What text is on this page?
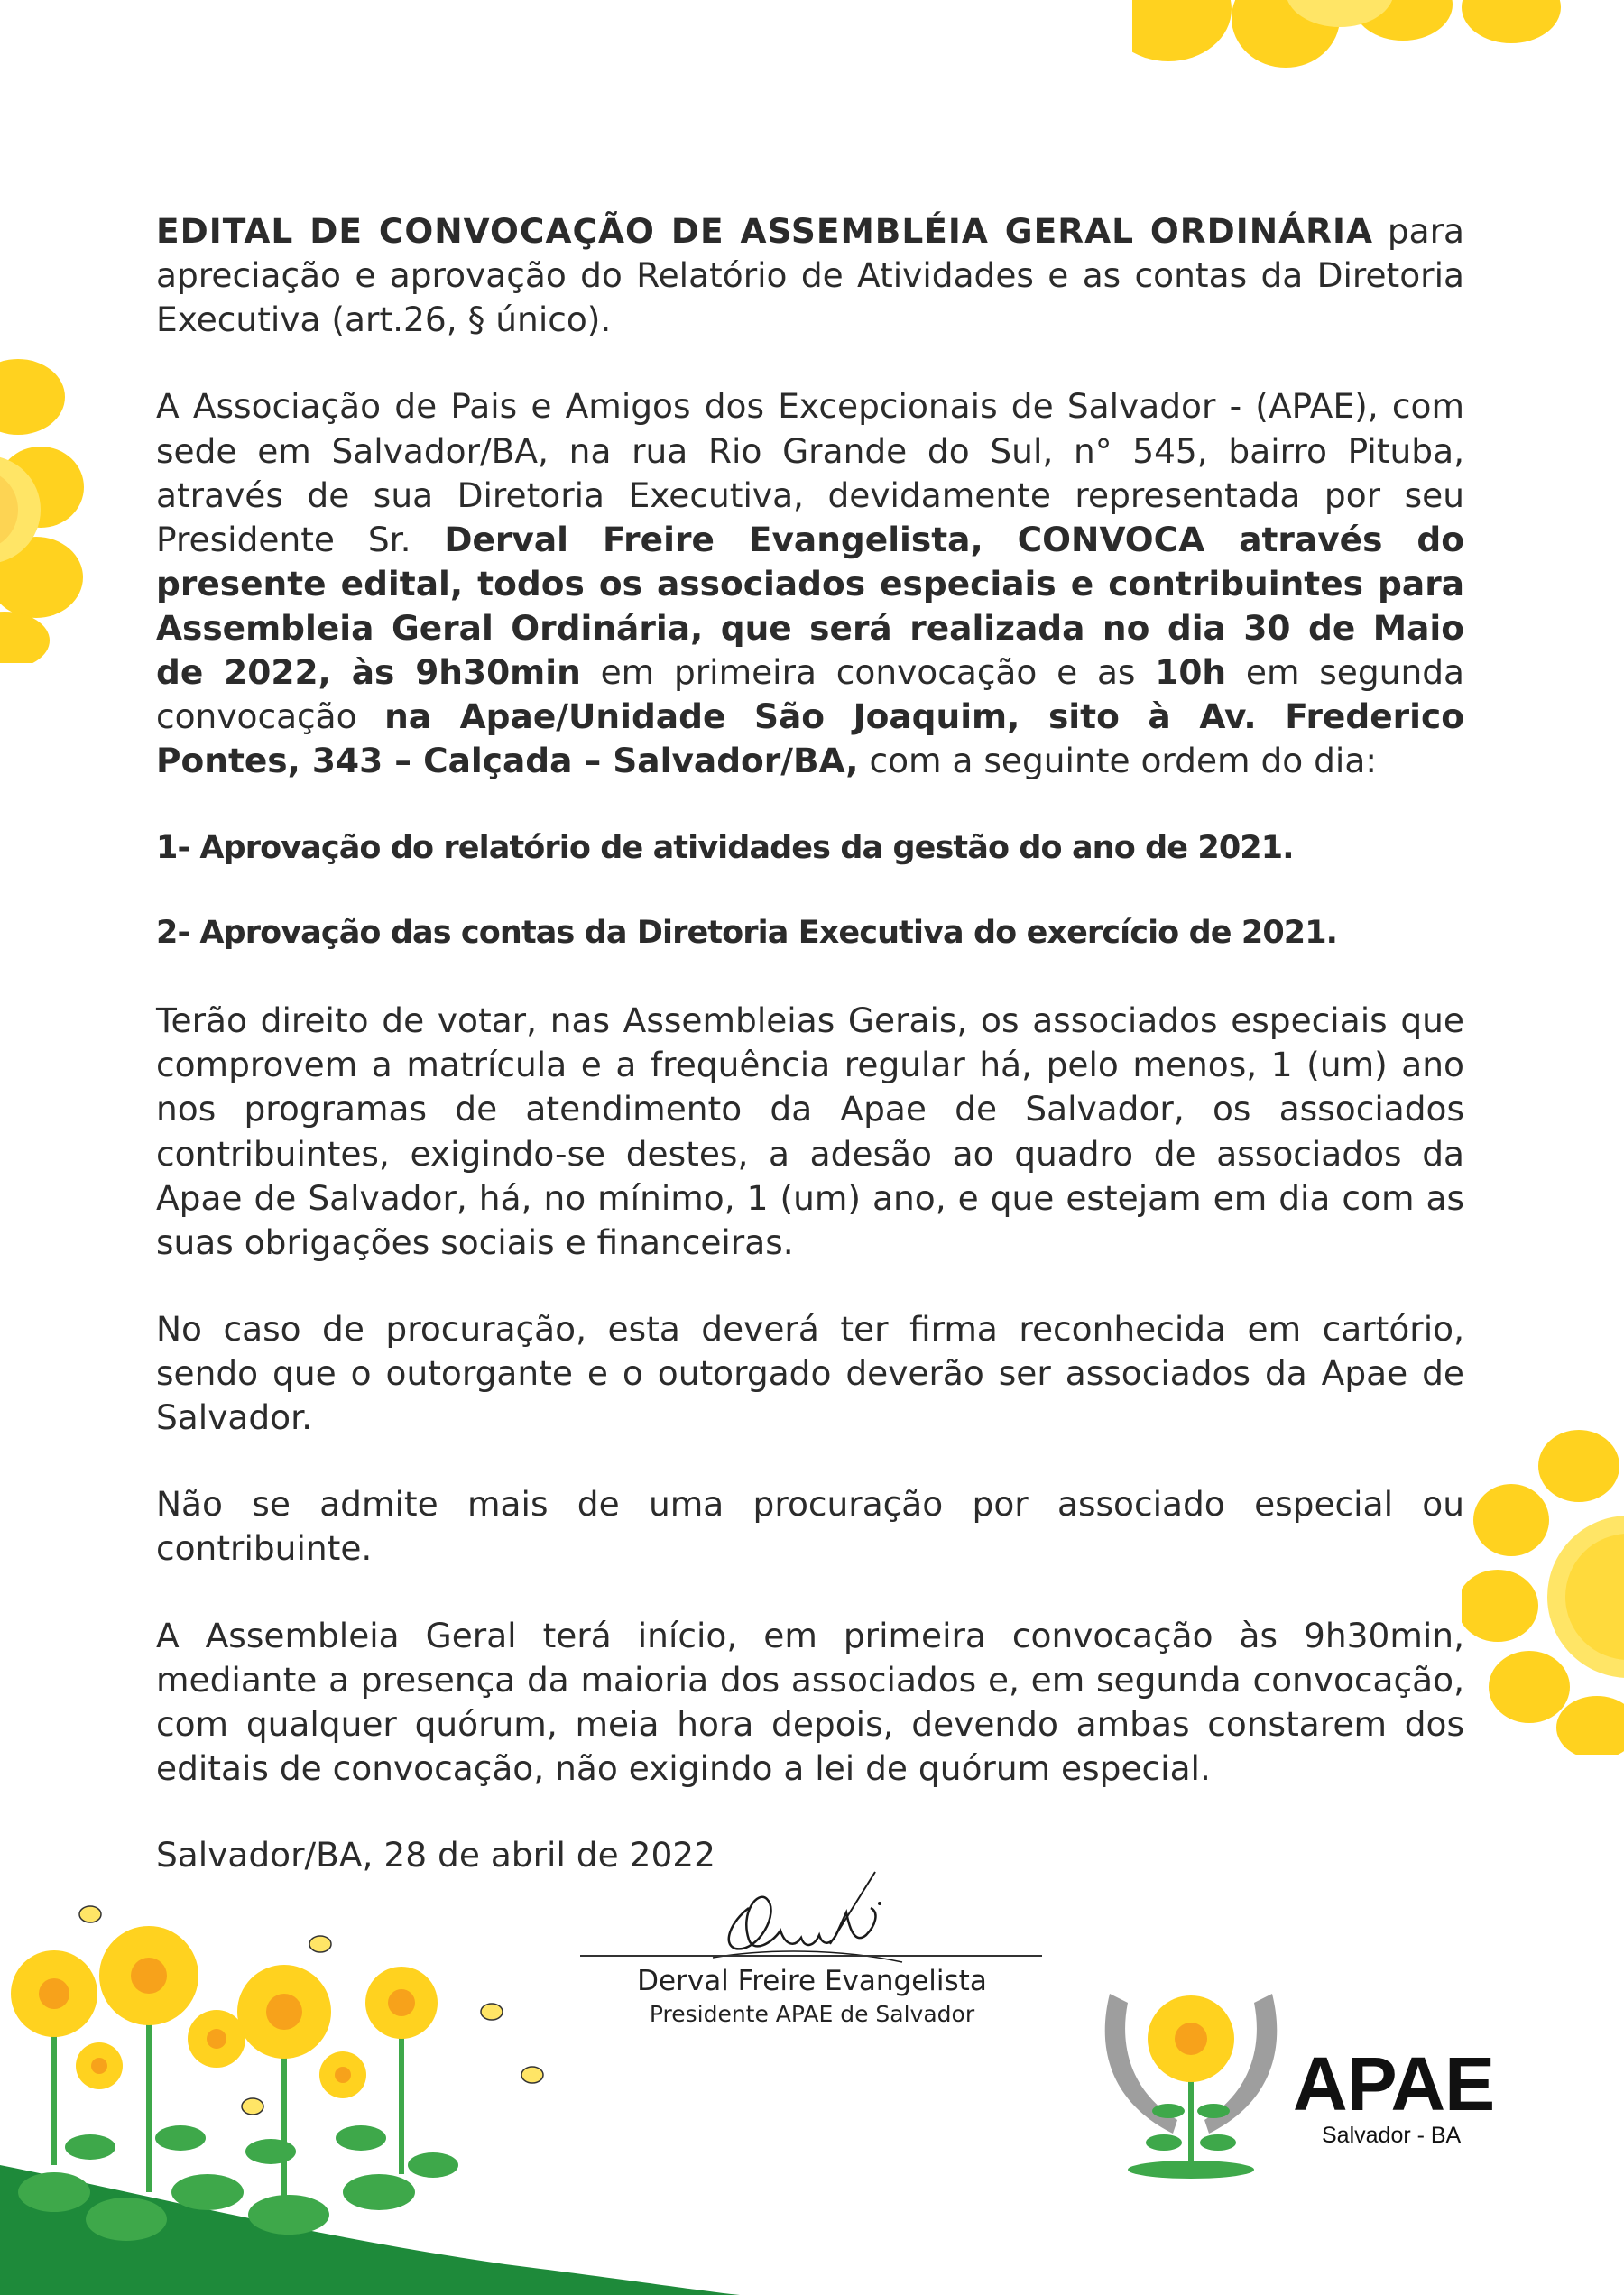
EDITAL DE CONVOCAÇÃO DE ASSEMBLÉIA GERAL ORDINÁRIA para apreciação e aprovação do Relatório de Atividades e as contas da Diretoria Executiva (art.26, § único).

A Associação de Pais e Amigos dos Excepcionais de Salvador - (APAE), com sede em Salvador/BA, na rua Rio Grande do Sul, n° 545, bairro Pituba, através de sua Diretoria Executiva, devidamente representada por seu Presidente Sr. Derval Freire Evangelista, CONVOCA através do presente edital, todos os associados especiais e contribuintes para Assembleia Geral Ordinária, que será realizada no dia 30 de Maio de 2022, às 9h30min em primeira convocação e as 10h em segunda convocação na Apae/Unidade São Joaquim, sito à Av. Frederico Pontes, 343 – Calçada – Salvador/BA, com a seguinte ordem do dia:

1- Aprovação do relatório de atividades da gestão do ano de 2021.

2- Aprovação das contas da Diretoria Executiva do exercício de 2021.

Terão direito de votar, nas Assembleias Gerais, os associados especiais que comprovem a matrícula e a frequência regular há, pelo menos, 1 (um) ano nos programas de atendimento da Apae de Salvador, os associados contribuintes, exigindo-se destes, a adesão ao quadro de associados da Apae de Salvador, há, no mínimo, 1 (um) ano, e que estejam em dia com as suas obrigações sociais e financeiras.

No caso de procuração, esta deverá ter firma reconhecida em cartório, sendo que o outorgante e o outorgado deverão ser associados da Apae de Salvador.

Não se admite mais de uma procuração por associado especial ou contribuinte.

A Assembleia Geral terá início, em primeira convocação às 9h30min, mediante a presença da maioria dos associados e, em segunda convocação, com qualquer quórum, meia hora depois, devendo ambas constarem dos editais de convocação, não exigindo a lei de quórum especial.

Salvador/BA, 28 de abril de 2022

Derval Freire Evangelista
Presidente APAE de Salvador
APAE
Salvador - BA
